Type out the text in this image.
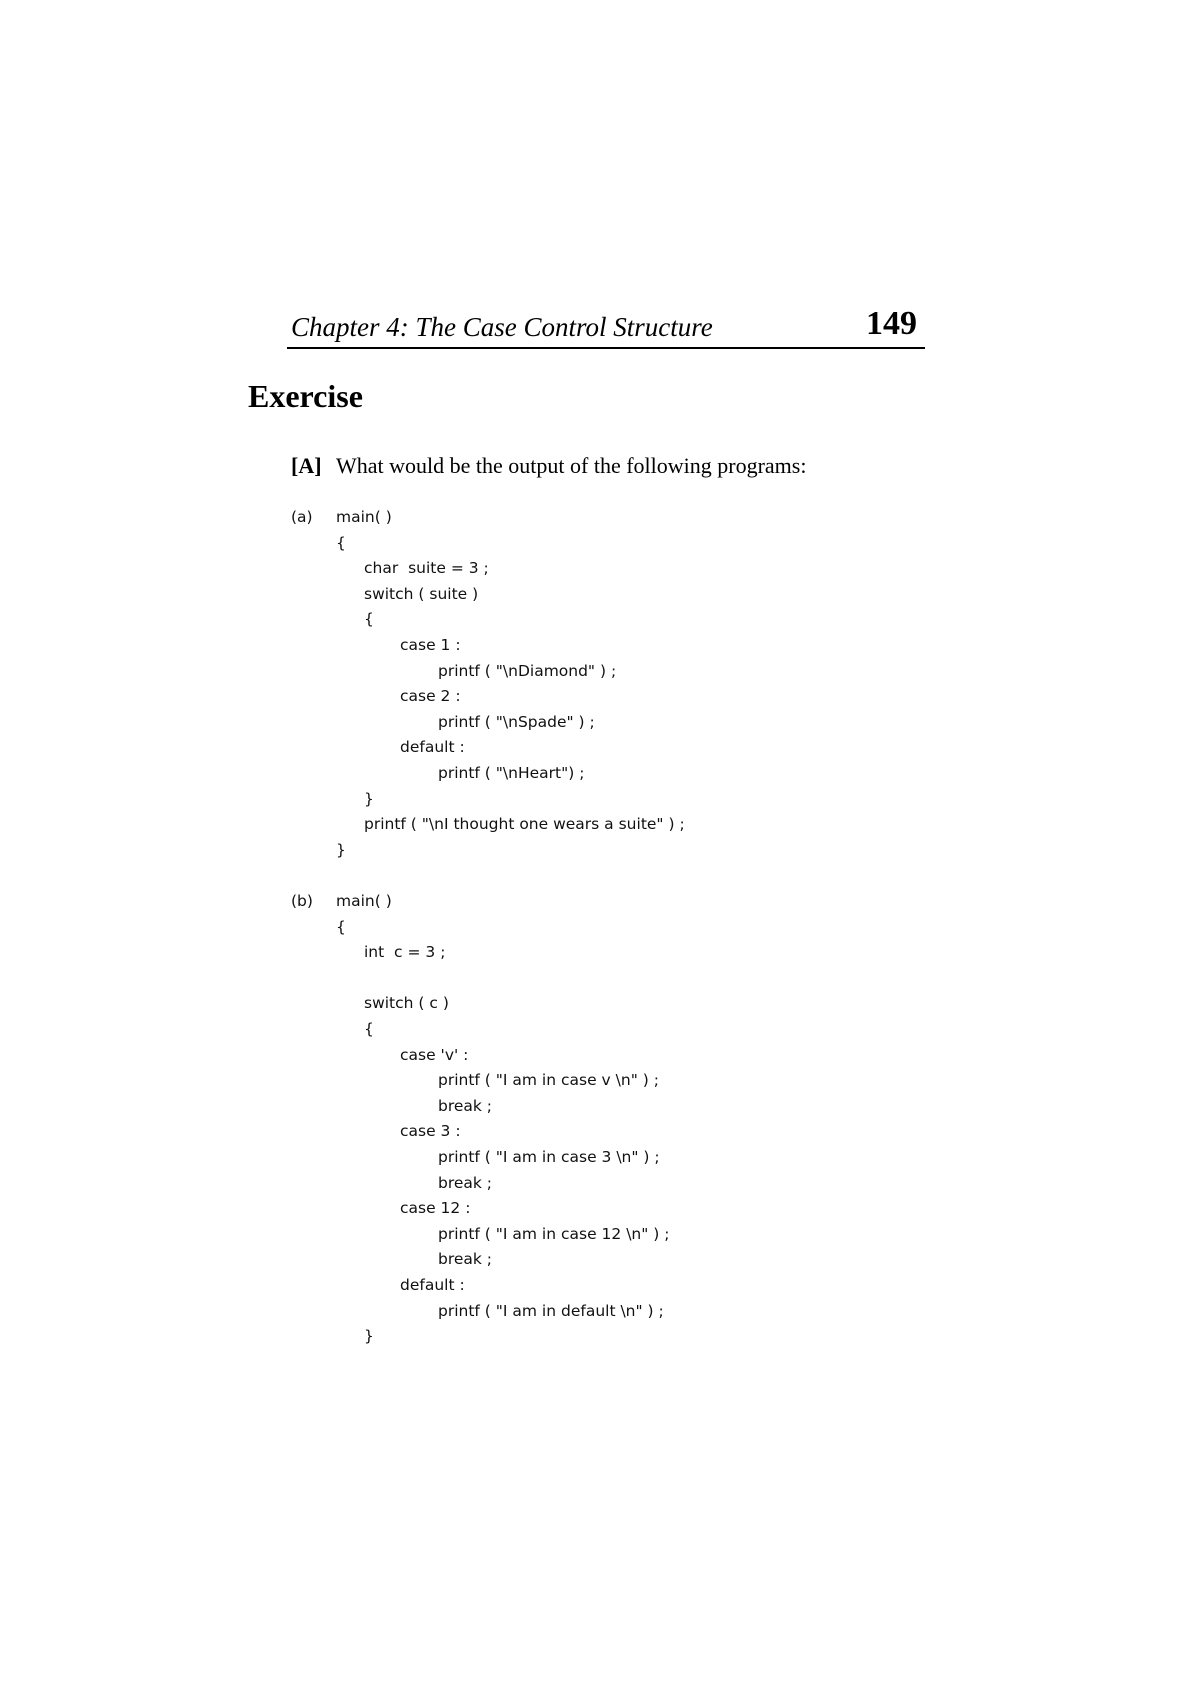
Chapter 4: The Case Control Structure	149
Exercise
[A] What would be the output of the following programs:
(a) main( )
{
char  suite = 3 ;
switch ( suite )
{
case 1 :
printf ( "\nDiamond" ) ;
case 2 :
printf ( "\nSpade" ) ;
default :
printf ( "\nHeart") ;
}
printf ( "\nI thought one wears a suite" ) ;
}
(b) main( )
{
int  c = 3 ;
switch ( c )
{
case 'v' :
printf ( "I am in case v \n" ) ;
break ;
case 3 :
printf ( "I am in case 3 \n" ) ;
break ;
case 12 :
printf ( "I am in case 12 \n" ) ;
break ;
default :
printf ( "I am in default \n" ) ;
}
